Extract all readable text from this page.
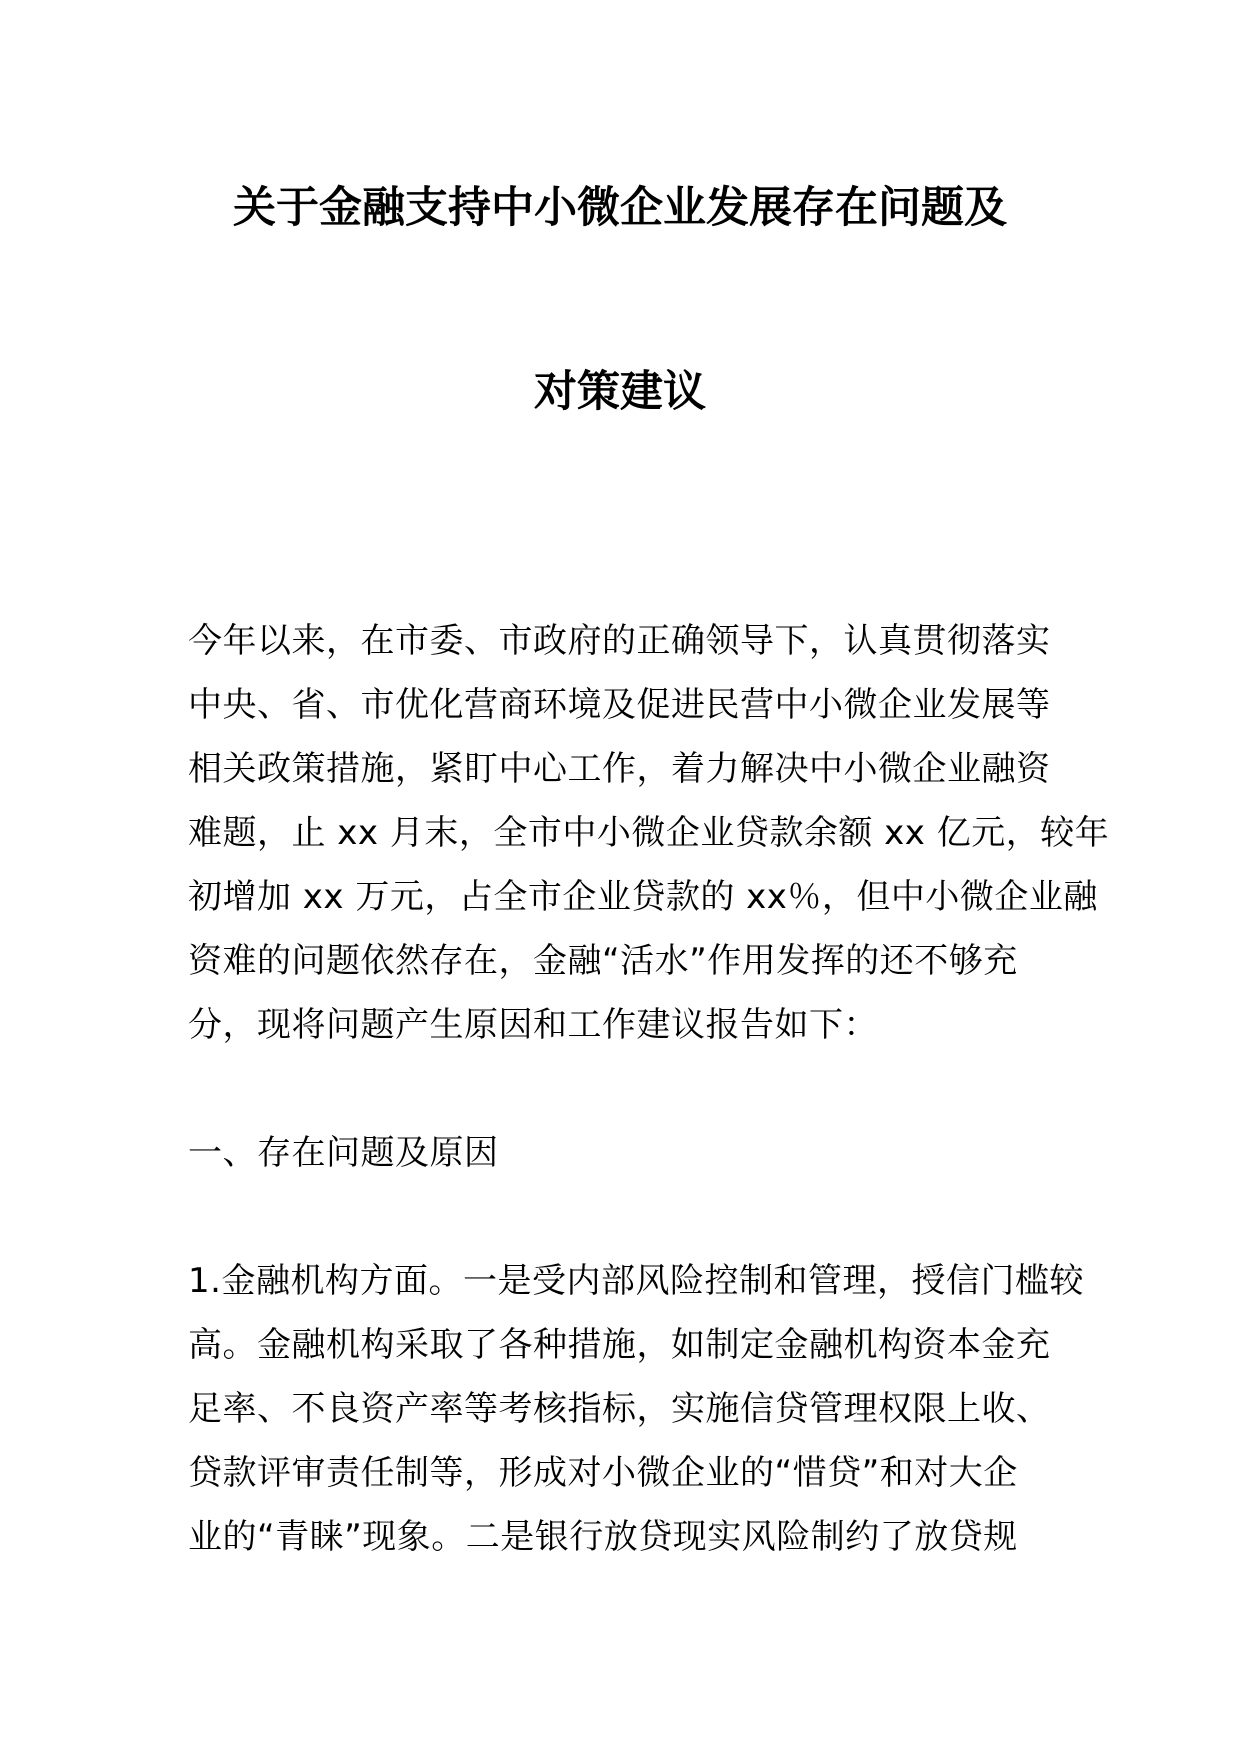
关于金融支持中小微企业发展存在问题及
对策建议
今年以来，在市委、市政府的正确领导下，认真贯彻落实
中央、省、市优化营商环境及促进民营中小微企业发展等
相关政策措施，紧盯中心工作，着力解决中小微企业融资
难题，止 xx 月末，全市中小微企业贷款余额 xx 亿元，较年
初增加 xx 万元，占全市企业贷款的 xx％，但中小微企业融
资难的问题依然存在，金融“活水”作用发挥的还不够充
分，现将问题产生原因和工作建议报告如下：
一、存在问题及原因
1.金融机构方面。一是受内部风险控制和管理，授信门槛较
高。金融机构采取了各种措施，如制定金融机构资本金充
足率、不良资产率等考核指标，实施信贷管理权限上收、
贷款评审责任制等，形成对小微企业的“惜贷”和对大企
业的“青睐”现象。二是银行放贷现实风险制约了放贷规
